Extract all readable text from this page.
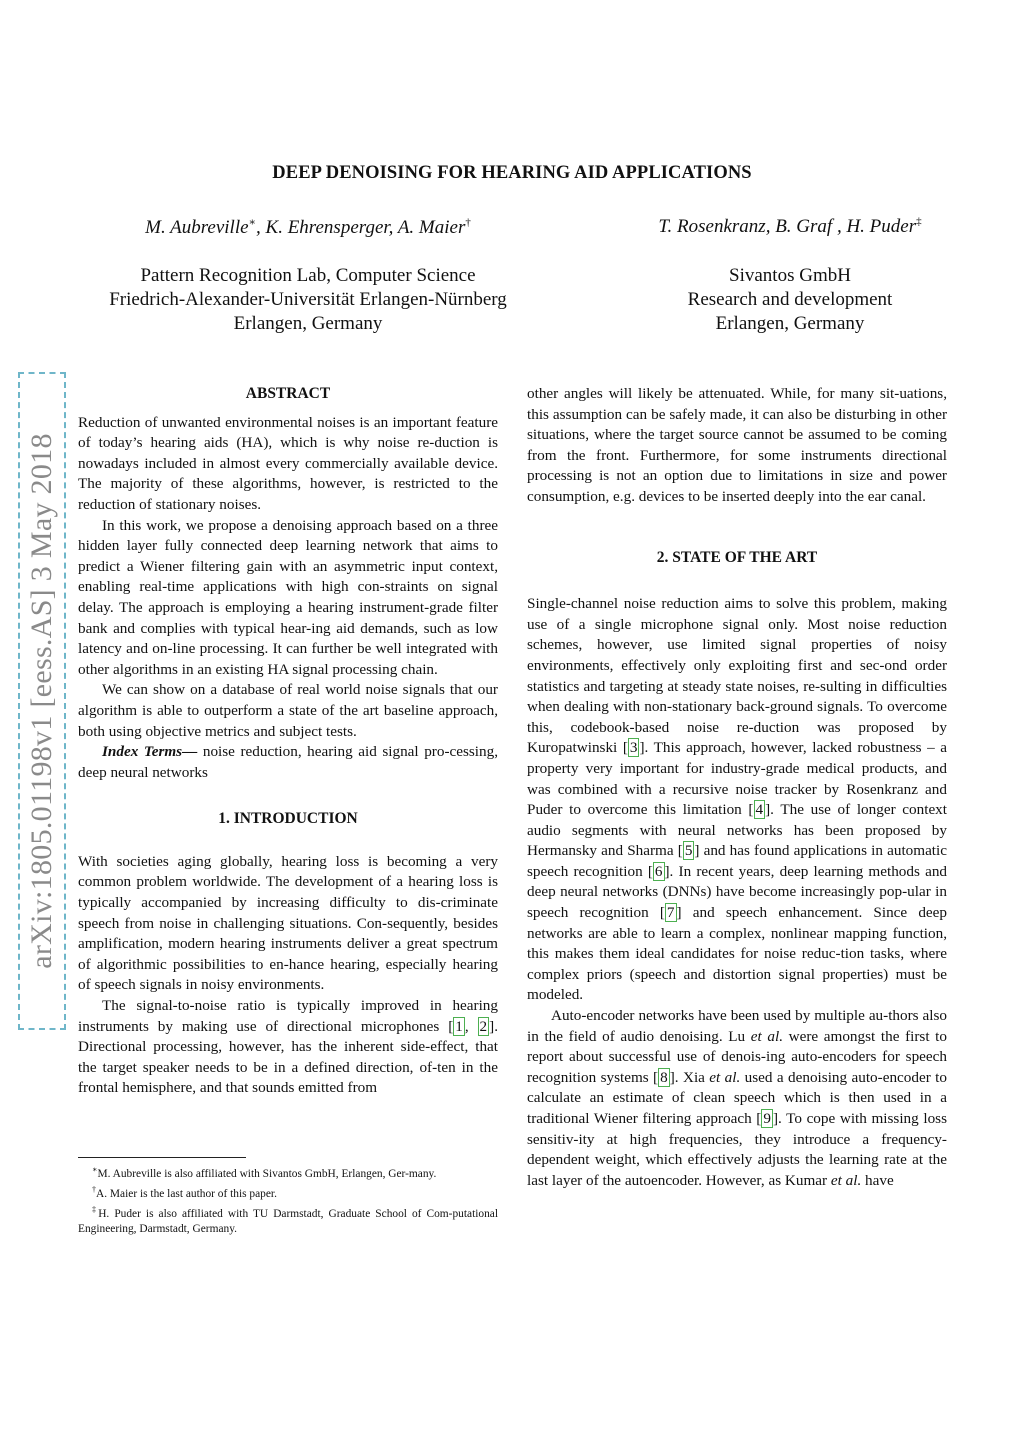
arXiv:1805.01198v1 [eess.AS] 3 May 2018
DEEP DENOISING FOR HEARING AID APPLICATIONS
M. Aubreville∗, K. Ehrensperger, A. Maier†	T. Rosenkranz, B. Graf , H. Puder‡
Pattern Recognition Lab, Computer Science
Friedrich-Alexander-Universität Erlangen-Nürnberg
Erlangen, Germany
Sivantos GmbH
Research and development
Erlangen, Germany
ABSTRACT

Reduction of unwanted environmental noises is an important feature of today’s hearing aids (HA), which is why noise re-duction is nowadays included in almost every commercially available device. The majority of these algorithms, however, is restricted to the reduction of stationary noises.

In this work, we propose a denoising approach based on a three hidden layer fully connected deep learning network that aims to predict a Wiener filtering gain with an asymmetric input context, enabling real-time applications with high con-straints on signal delay. The approach is employing a hearing instrument-grade filter bank and complies with typical hear-ing aid demands, such as low latency and on-line processing. It can further be well integrated with other algorithms in an existing HA signal processing chain.

We can show on a database of real world noise signals that our algorithm is able to outperform a state of the art baseline approach, both using objective metrics and subject tests.

Index Terms— noise reduction, hearing aid signal pro-cessing, deep neural networks

1. INTRODUCTION

With societies aging globally, hearing loss is becoming a very common problem worldwide. The development of a hearing loss is typically accompanied by increasing difficulty to dis-criminate speech from noise in challenging situations. Con-sequently, besides amplification, modern hearing instruments deliver a great spectrum of algorithmic possibilities to en-hance hearing, especially hearing of speech signals in noisy environments.

The signal-to-noise ratio is typically improved in hearing instruments by making use of directional microphones [ 1 , 2 ]. Directional processing, however, has the inherent side-effect, that the target speaker needs to be in a defined direction, of-ten in the frontal hemisphere, and that sounds emitted from

other angles will likely be attenuated. While, for many sit-uations, this assumption can be safely made, it can also be disturbing in other situations, where the target source cannot be assumed to be coming from the front. Furthermore, for some instruments directional processing is not an option due to limitations in size and power consumption, e.g. devices to be inserted deeply into the ear canal.

2. STATE OF THE ART

Single-channel noise reduction aims to solve this problem, making use of a single microphone signal only. Most noise reduction schemes, however, use limited signal properties of noisy environments, effectively only exploiting first and sec-ond order statistics and targeting at steady state noises, re-sulting in difficulties when dealing with non-stationary back-ground signals. To overcome this, codebook-based noise re-duction was proposed by Kuropatwinski [ 3 ]. This approach, however, lacked robustness – a property very important for industry-grade medical products, and was combined with a recursive noise tracker by Rosenkranz and Puder to overcome this limitation [ 4 ]. The use of longer context audio segments with neural networks has been proposed by Hermansky and Sharma [ 5 ] and has found applications in automatic speech recognition [ 6 ]. In recent years, deep learning methods and deep neural networks (DNNs) have become increasingly pop-ular in speech recognition [ 7 ] and speech enhancement. Since deep networks are able to learn a complex, nonlinear mapping function, this makes them ideal candidates for noise reduc-tion tasks, where complex priors (speech and distortion signal properties) must be modeled.

Auto-encoder networks have been used by multiple au-thors also in the field of audio denoising. Lu et al. were amongst the first to report about successful use of denois-ing auto-encoders for speech recognition systems [ 8 ]. Xia et al. used a denoising auto-encoder to calculate an estimate of clean speech which is then used in a traditional Wiener filtering approach [ 9 ]. To cope with missing loss sensitiv-ity at high frequencies, they introduce a frequency-dependent weight, which effectively adjusts the learning rate at the last layer of the autoencoder. However, as Kumar et al. have

∗M. Aubreville is also affiliated with Sivantos GmbH, Erlangen, Ger-many.

†A. Maier is the last author of this paper.

‡H. Puder is also affiliated with TU Darmstadt, Graduate School of Com-putational Engineering, Darmstadt, Germany.
